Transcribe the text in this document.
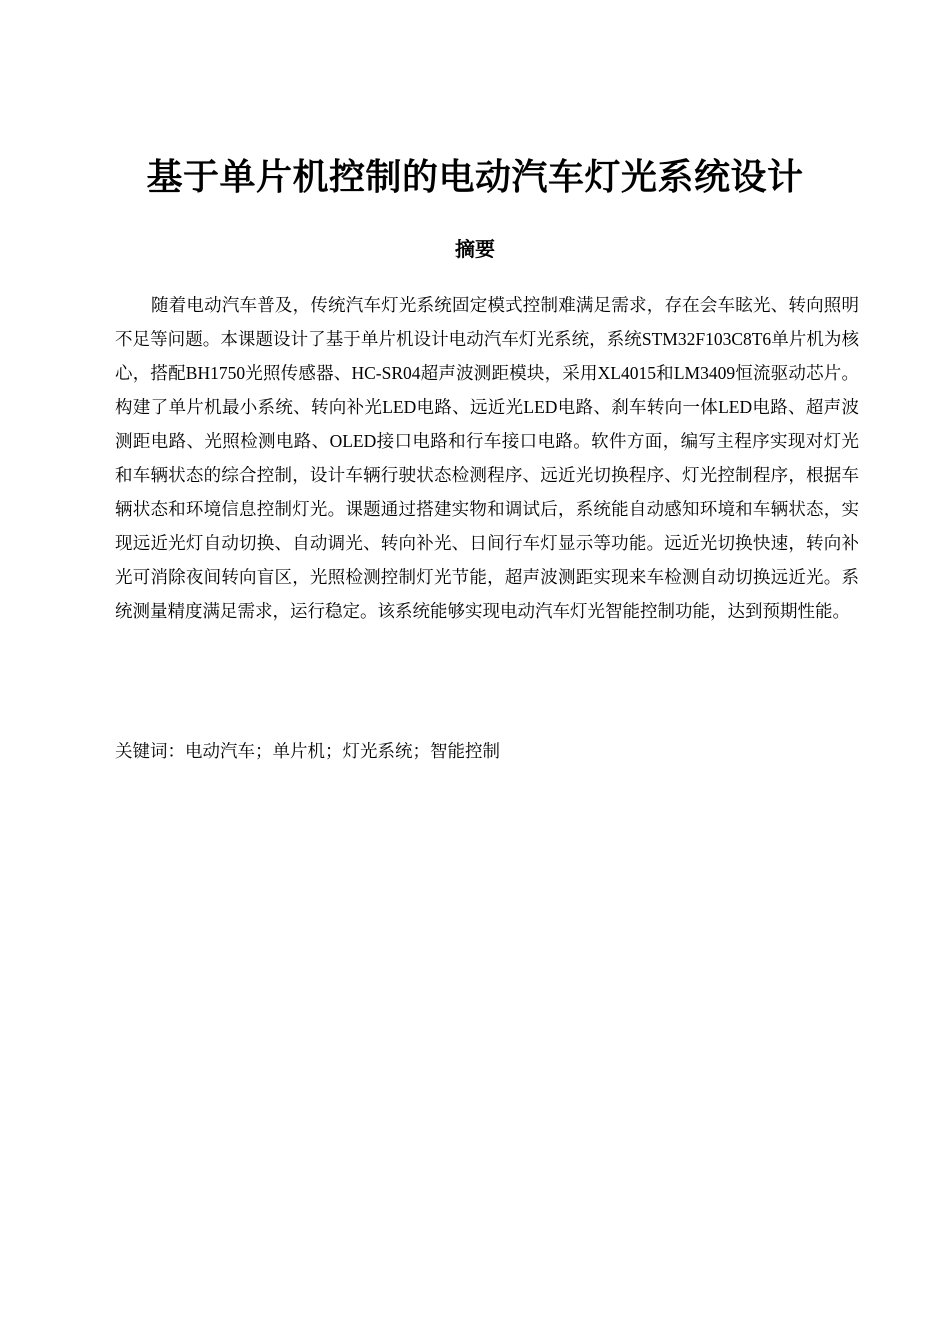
基于单片机控制的电动汽车灯光系统设计
摘要

随着电动汽车普及，传统汽车灯光系统固定模式控制难满足需求，存在会车眩光、转向照明不足等问题。本课题设计了基于单片机设计电动汽车灯光系统，系统STM32F103C8T6单片机为核心，搭配BH1750光照传感器、HC-SR04超声波测距模块，采用XL4015和LM3409恒流驱动芯片。构建了单片机最小系统、转向补光LED电路、远近光LED电路、刹车转向一体LED电路、超声波测距电路、光照检测电路、OLED接口电路和行车接口电路。软件方面，编写主程序实现对灯光和车辆状态的综合控制，设计车辆行驶状态检测程序、远近光切换程序、灯光控制程序，根据车辆状态和环境信息控制灯光。课题通过搭建实物和调试后，系统能自动感知环境和车辆状态，实现远近光灯自动切换、自动调光、转向补光、日间行车灯显示等功能。远近光切换快速，转向补光可消除夜间转向盲区，光照检测控制灯光节能，超声波测距实现来车检测自动切换远近光。系统测量精度满足需求，运行稳定。该系统能够实现电动汽车灯光智能控制功能，达到预期性能。

关键词：电动汽车；单片机；灯光系统；智能控制
